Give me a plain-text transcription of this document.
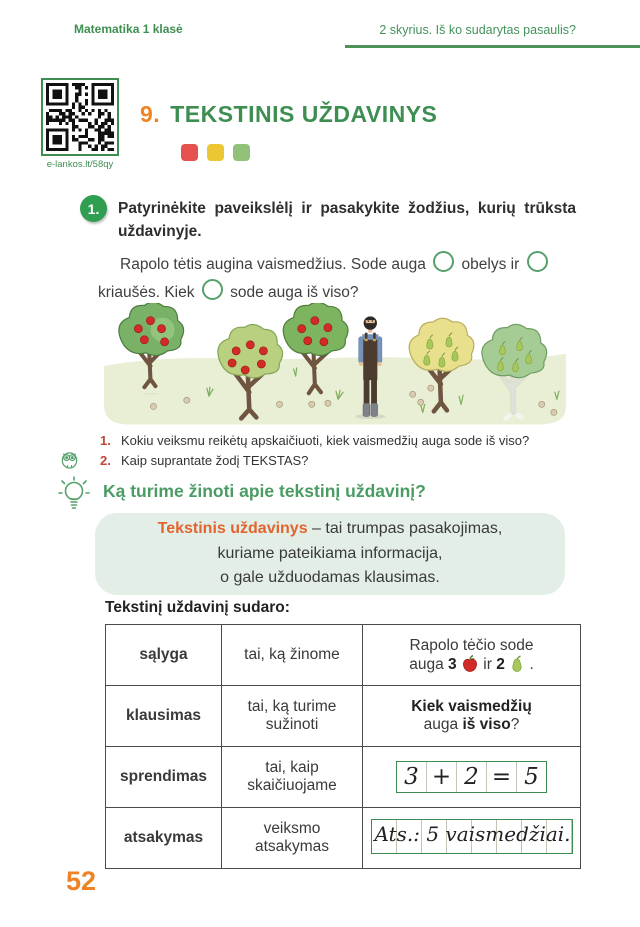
Matematika 1 klasė	2 skyrius. Iš ko sudarytas pasaulis?
e-lankos.lt/58qy
9. TEKSTINIS UŽDAVINYS
1.	Patyrinėkite paveikslėlį ir pasakykite žodžius, kurių trūksta uždavinyje.
Rapolo tėtis augina vaismedžius. Sode auga obelys ir  kriaušės. Kiek sode auga iš viso?
1. Kokiu veiksmu reikėtų apskaičiuoti, kiek vaismedžių auga sode iš viso?
2. Kaip suprantate žodį TEKSTAS?
Ką turime žinoti apie tekstinį uždavinį?
Tekstinis uždavinys – tai trumpas pasakojimas,
kuriame pateikiama informacija,
o gale užduodamas klausimas.
Tekstinį uždavinį sudaro:
sąlyga	tai, ką žinome	Rapolo tėčio sode
auga 3 ir 2 .
klausimas	tai, ką turime sužinoti	Kiek vaismedžių
auga iš viso?
sprendimas	tai, kaip skaičiuojame	3 + 2 = 5

atsakymas	veiksmo atsakymas	Ats.: 5 vaismedžiai.
52
